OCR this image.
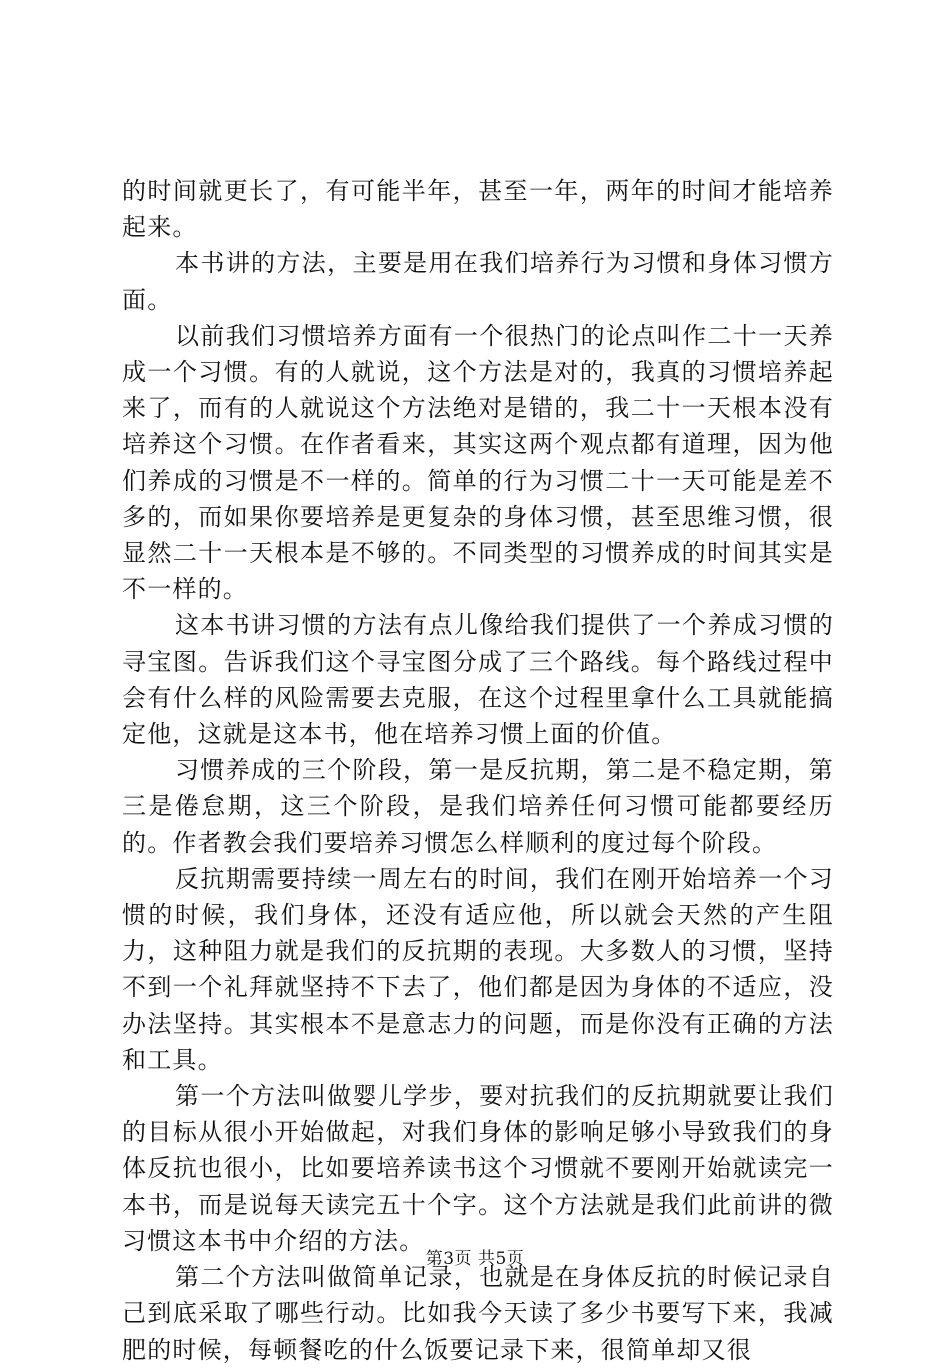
的时间就更长了，有可能半年，甚至一年，两年的时间才能培养起来。

本书讲的方法，主要是用在我们培养行为习惯和身体习惯方面。

以前我们习惯培养方面有一个很热门的论点叫作二十一天养成一个习惯。有的人就说，这个方法是对的，我真的习惯培养起来了，而有的人就说这个方法绝对是错的，我二十一天根本没有培养这个习惯。在作者看来，其实这两个观点都有道理，因为他们养成的习惯是不一样的。简单的行为习惯二十一天可能是差不多的，而如果你要培养是更复杂的身体习惯，甚至思维习惯，很显然二十一天根本是不够的。不同类型的习惯养成的时间其实是不一样的。

这本书讲习惯的方法有点儿像给我们提供了一个养成习惯的寻宝图。告诉我们这个寻宝图分成了三个路线。每个路线过程中会有什么样的风险需要去克服，在这个过程里拿什么工具就能搞定他，这就是这本书，他在培养习惯上面的价值。

习惯养成的三个阶段，第一是反抗期，第二是不稳定期，第三是倦怠期，这三个阶段，是我们培养任何习惯可能都要经历的。作者教会我们要培养习惯怎么样顺利的度过每个阶段。

反抗期需要持续一周左右的时间，我们在刚开始培养一个习惯的时候，我们身体，还没有适应他，所以就会天然的产生阻力，这种阻力就是我们的反抗期的表现。大多数人的习惯，坚持不到一个礼拜就坚持不下去了，他们都是因为身体的不适应，没办法坚持。其实根本不是意志力的问题，而是你没有正确的方法和工具。

第一个方法叫做婴儿学步，要对抗我们的反抗期就要让我们的目标从很小开始做起，对我们身体的影响足够小导致我们的身体反抗也很小，比如要培养读书这个习惯就不要刚开始就读完一本书，而是说每天读完五十个字。这个方法就是我们此前讲的微习惯这本书中介绍的方法。

第二个方法叫做简单记录，也就是在身体反抗的时候记录自己到底采取了哪些行动。比如我今天读了多少书要写下来，我减肥的时候，每顿餐吃的什么饭要记录下来，很简单却又很

第3页 共5页
